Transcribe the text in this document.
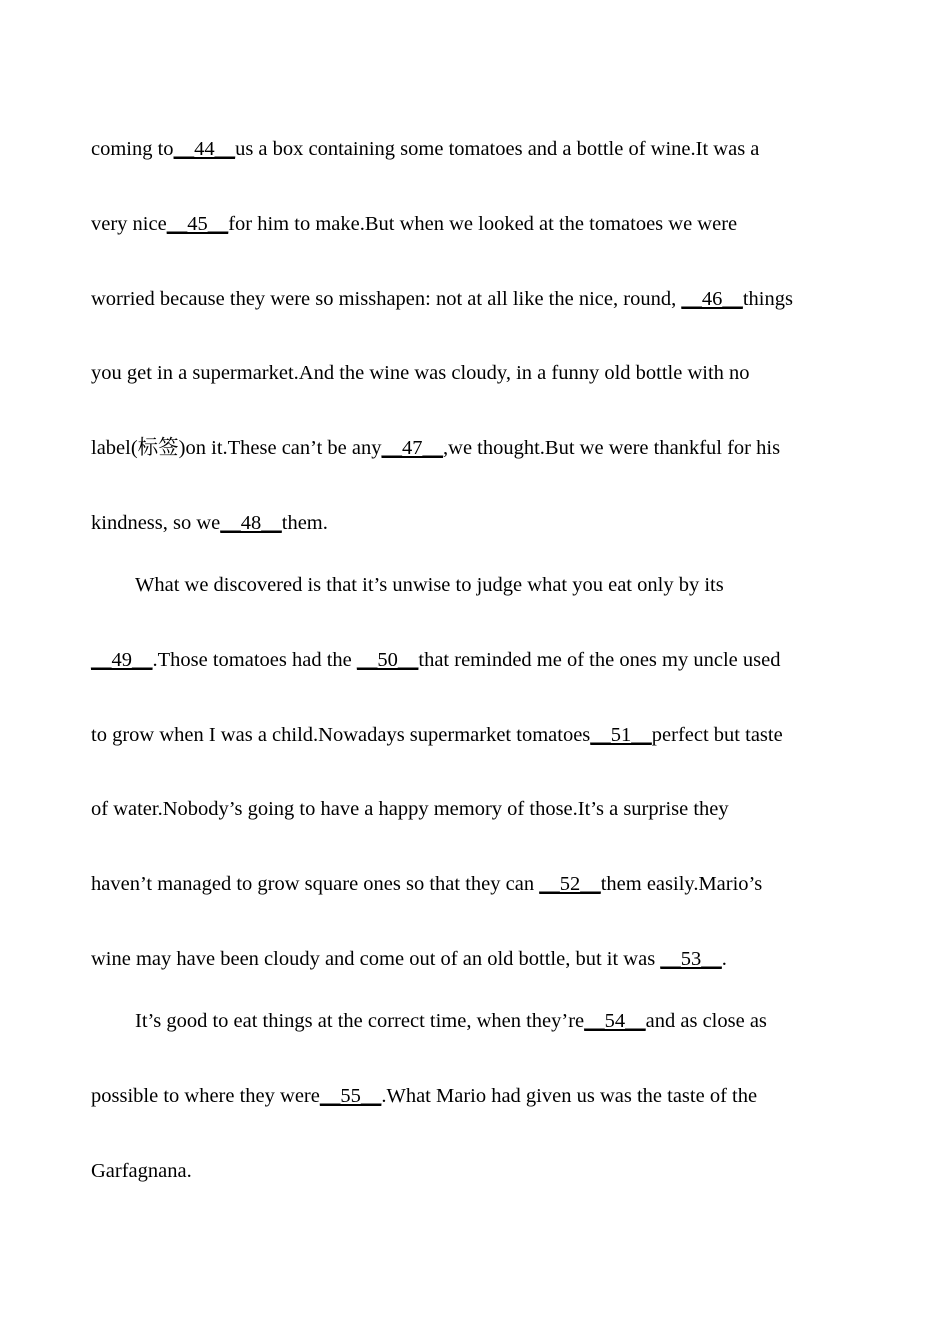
coming to__44__us a box containing some tomatoes and a bottle of wine.It was a
very nice__45__for him to make.But when we looked at the tomatoes we were
worried because they were so misshapen: not at all like the nice, round, __46__things
you get in a supermarket.And the wine was cloudy, in a funny old bottle with no
label(标签)on it.These can’t be any__47__,we thought.But we were thankful for his
kindness, so we__48__them.
What we discovered is that it’s unwise to judge what you eat only by its
__49__.Those tomatoes had the __50__that reminded me of the ones my uncle used
to grow when I was a child.Nowadays supermarket tomatoes__51__perfect but taste
of water.Nobody’s going to have a happy memory of those.It’s a surprise they
haven’t managed to grow square ones so that they can __52__them easily.Mario’s
wine may have been cloudy and come out of an old bottle, but it was __53__.
It’s good to eat things at the correct time, when they’re__54__and as close as
possible to where they were__55__.What Mario had given us was the taste of the
Garfagnana.
